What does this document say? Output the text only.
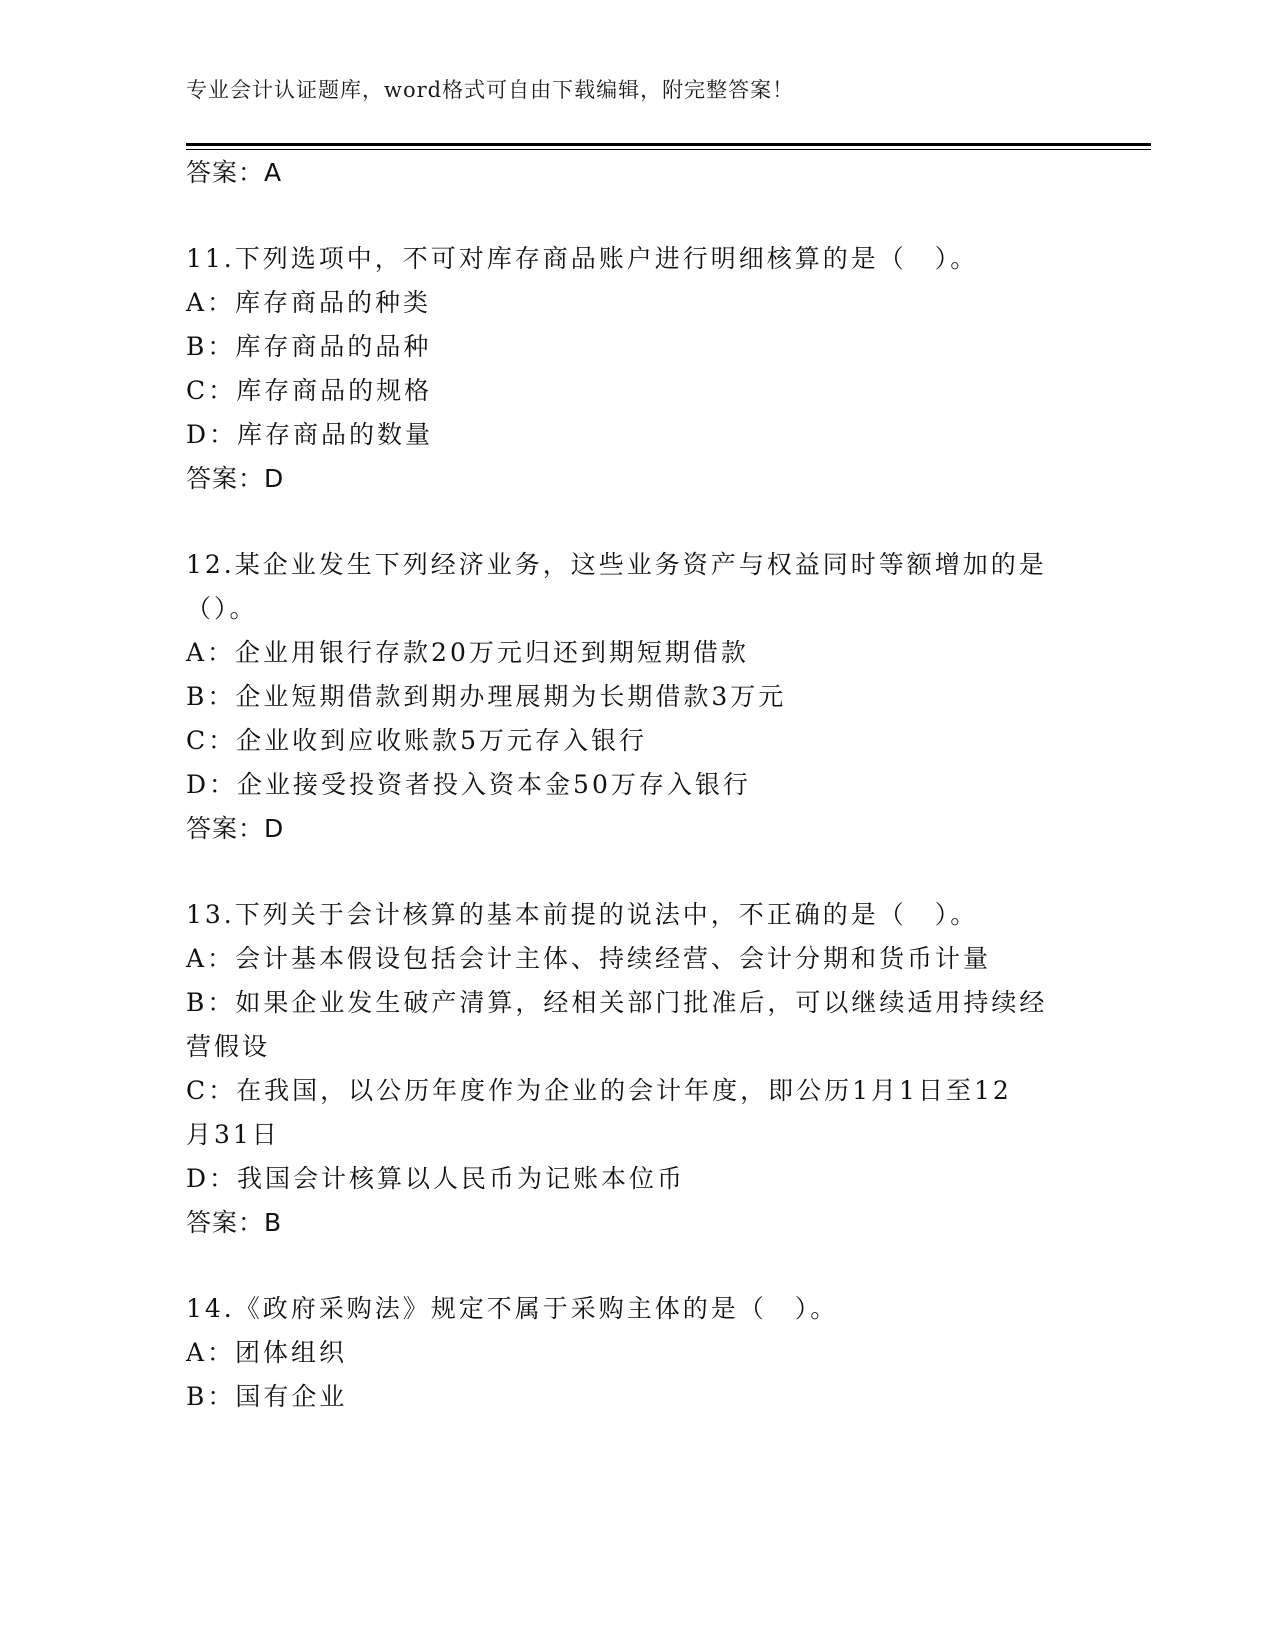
专业会计认证题库，word格式可自由下载编辑，附完整答案！
答案：A
11.下列选项中，不可对库存商品账户进行明细核算的是（　）。
A：库存商品的种类
B：库存商品的品种
C：库存商品的规格
D：库存商品的数量
答案：D
12.某企业发生下列经济业务，这些业务资产与权益同时等额增加的是
（）。
A：企业用银行存款20万元归还到期短期借款
B：企业短期借款到期办理展期为长期借款3万元
C：企业收到应收账款5万元存入银行
D：企业接受投资者投入资本金50万存入银行
答案：D
13.下列关于会计核算的基本前提的说法中，不正确的是（　）。
A：会计基本假设包括会计主体、持续经营、会计分期和货币计量
B：如果企业发生破产清算，经相关部门批准后，可以继续适用持续经
营假设
C：在我国，以公历年度作为企业的会计年度，即公历1月1日至12
月31日
D：我国会计核算以人民币为记账本位币
答案：B
14.《政府采购法》规定不属于采购主体的是（　）。
A：团体组织
B：国有企业
